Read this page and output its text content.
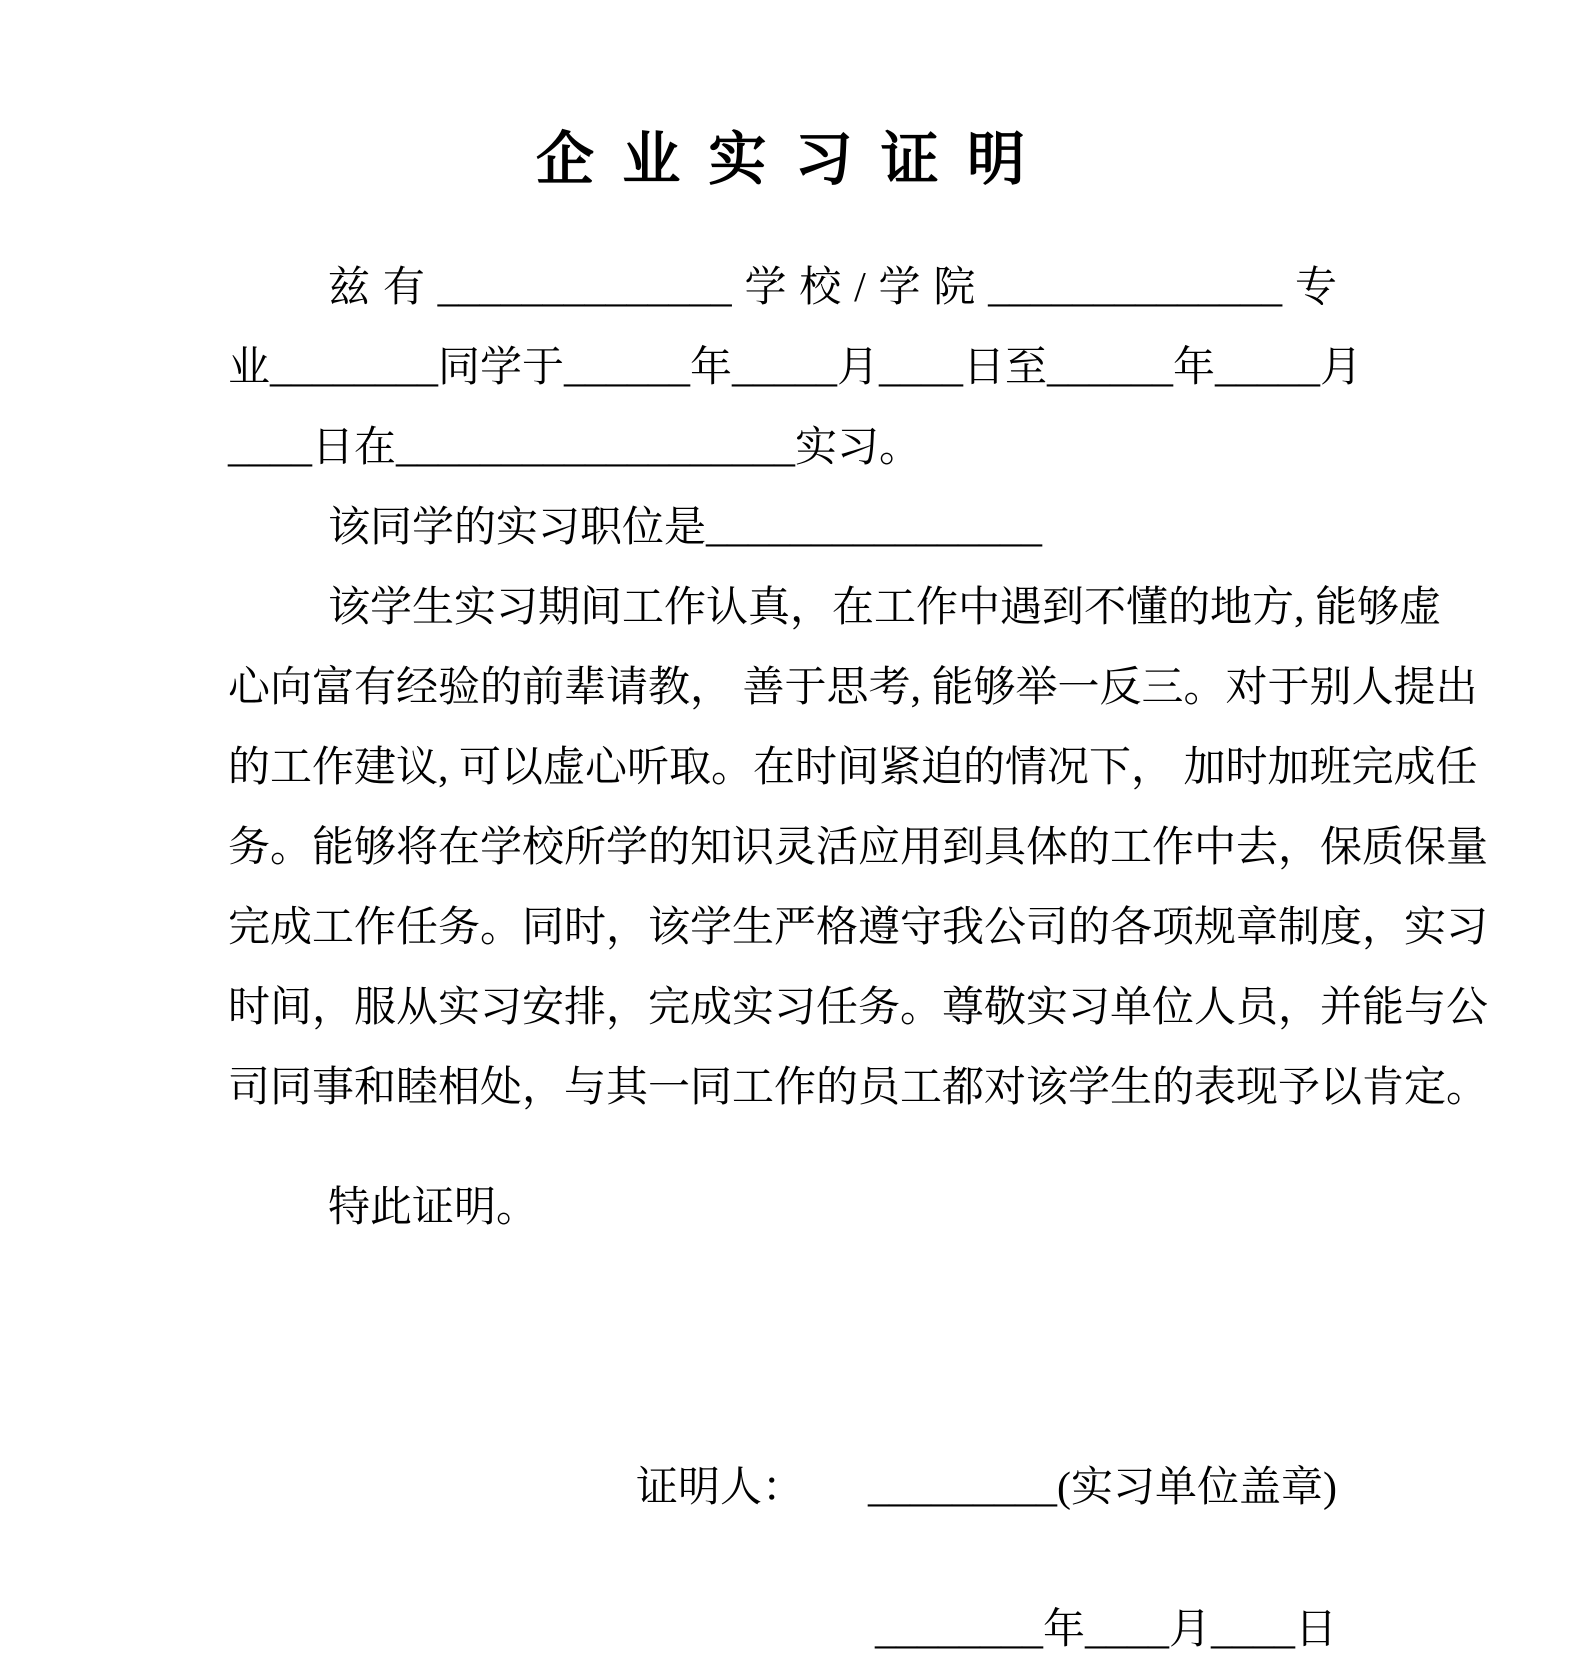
企 业 实 习 证 明
兹有______________学校/学院______________专
业________同学于______年_____月____日至______年_____月
____日在___________________实习。
该同学的实习职位是________________
该学生实习期间工作认真，在工作中遇到不懂的地方, 能够虚
心向富有经验的前辈请教， 善于思考, 能够举一反三。对于别人提出
的工作建议, 可以虚心听取。在时间紧迫的情况下， 加时加班完成任
务。能够将在学校所学的知识灵活应用到具体的工作中去，保质保量
完成工作任务。同时，该学生严格遵守我公司的各项规章制度，实习
时间，服从实习安排，完成实习任务。尊敬实习单位人员，并能与公
司同事和睦相处，与其一同工作的员工都对该学生的表现予以肯定。
特此证明。
证明人： _________(实习单位盖章)
________年____月____日
